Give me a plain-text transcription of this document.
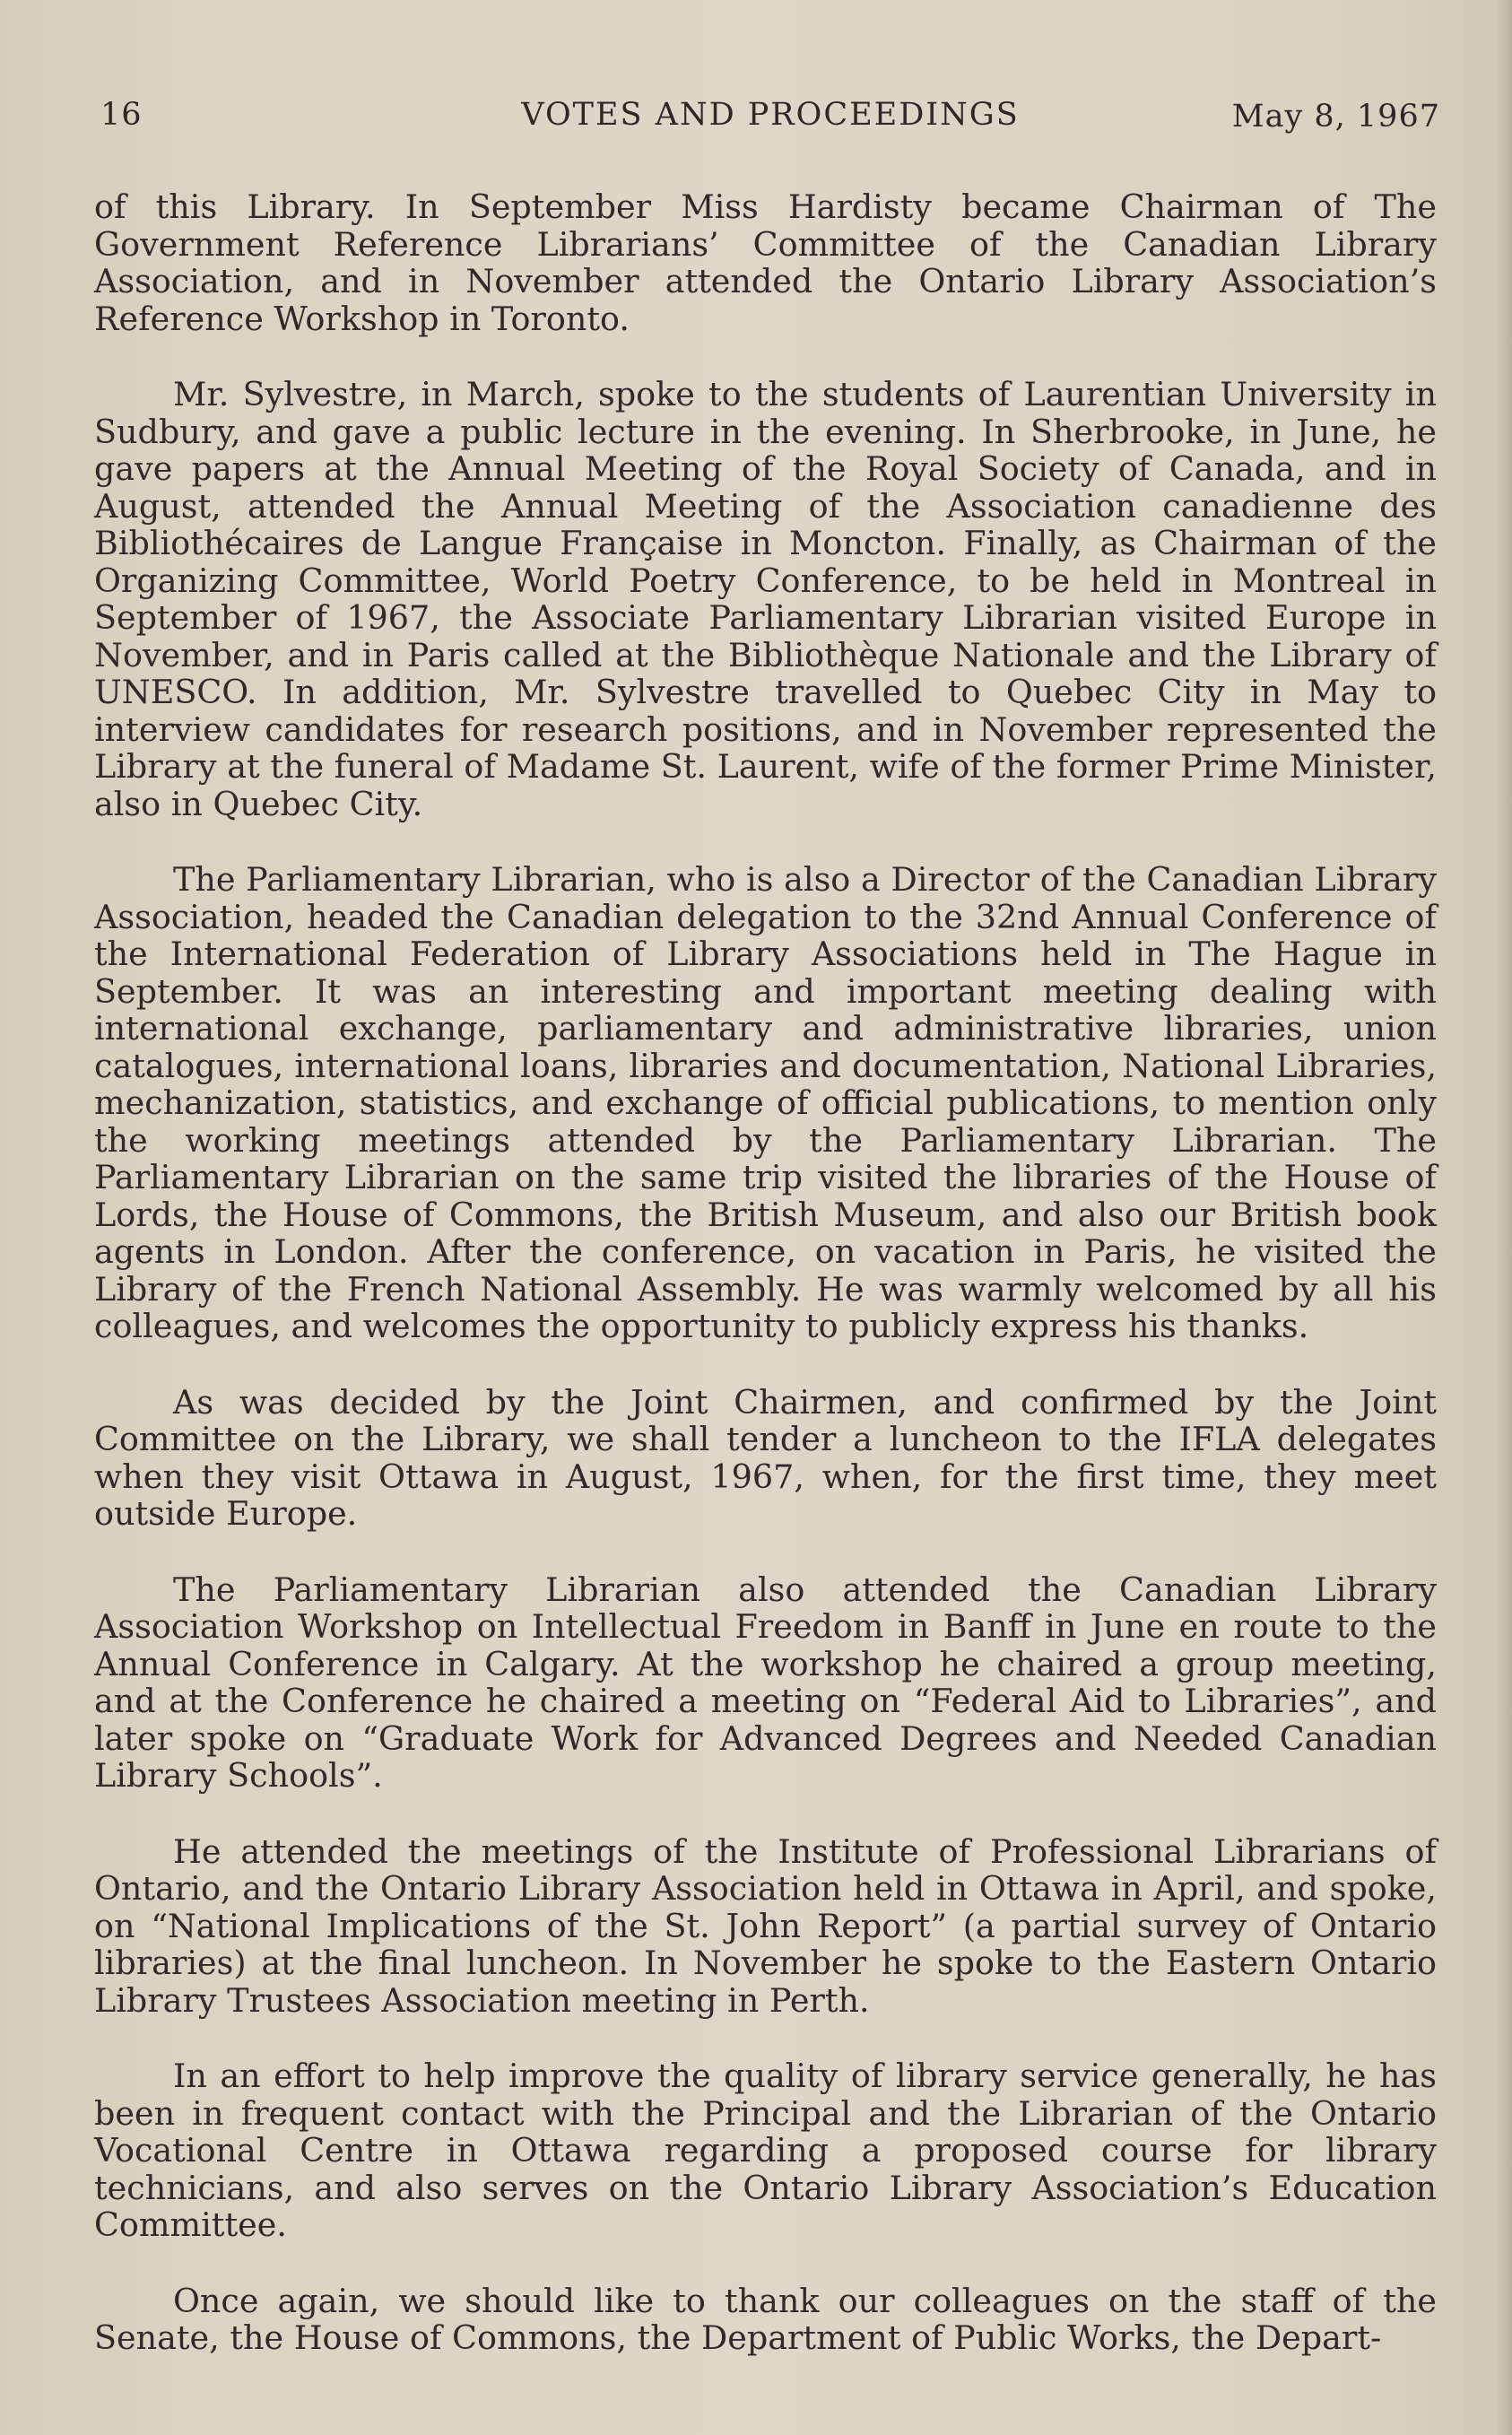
16	VOTES AND PROCEEDINGS	May 8, 1967

of this Library. In September Miss Hardisty became Chairman of The Government Reference Librarians’ Committee of the Canadian Library Association, and in November attended the Ontario Library Association’s Reference Workshop in Toronto.

Mr. Sylvestre, in March, spoke to the students of Laurentian University in Sudbury, and gave a public lecture in the evening. In Sherbrooke, in June, he gave papers at the Annual Meeting of the Royal Society of Canada, and in August, attended the Annual Meeting of the Association canadienne des Bibliothécaires de Langue Française in Moncton. Finally, as Chairman of the Organizing Committee, World Poetry Conference, to be held in Montreal in September of 1967, the Associate Parliamentary Librarian visited Europe in November, and in Paris called at the Bibliothèque Nationale and the Library of UNESCO. In addition, Mr. Sylvestre travelled to Quebec City in May to interview candidates for research positions, and in November represented the Library at the funeral of Madame St. Laurent, wife of the former Prime Minister, also in Quebec City.

The Parliamentary Librarian, who is also a Director of the Canadian Library Association, headed the Canadian delegation to the 32nd Annual Conference of the International Federation of Library Associations held in The Hague in September. It was an interesting and important meeting dealing with international exchange, parliamentary and administrative libraries, union catalogues, international loans, libraries and documentation, National Libraries, mechanization, statistics, and exchange of official publications, to mention only the working meetings attended by the Parliamentary Librarian. The Parliamentary Librarian on the same trip visited the libraries of the House of Lords, the House of Commons, the British Museum, and also our British book agents in London. After the conference, on vacation in Paris, he visited the Library of the French National Assembly. He was warmly welcomed by all his colleagues, and welcomes the opportunity to publicly express his thanks.

As was decided by the Joint Chairmen, and confirmed by the Joint Committee on the Library, we shall tender a luncheon to the IFLA delegates when they visit Ottawa in August, 1967, when, for the first time, they meet outside Europe.

The Parliamentary Librarian also attended the Canadian Library Association Workshop on Intellectual Freedom in Banff in June en route to the Annual Conference in Calgary. At the workshop he chaired a group meeting, and at the Conference he chaired a meeting on “Federal Aid to Libraries”, and later spoke on “Graduate Work for Advanced Degrees and Needed Canadian Library Schools”.

He attended the meetings of the Institute of Professional Librarians of Ontario, and the Ontario Library Association held in Ottawa in April, and spoke, on “National Implications of the St. John Report” (a partial survey of Ontario libraries) at the final luncheon. In November he spoke to the Eastern Ontario Library Trustees Association meeting in Perth.

In an effort to help improve the quality of library service generally, he has been in frequent contact with the Principal and the Librarian of the Ontario Vocational Centre in Ottawa regarding a proposed course for library technicians, and also serves on the Ontario Library Association’s Education Committee.

Once again, we should like to thank our colleagues on the staff of the Senate, the House of Commons, the Department of Public Works, the Depart-
